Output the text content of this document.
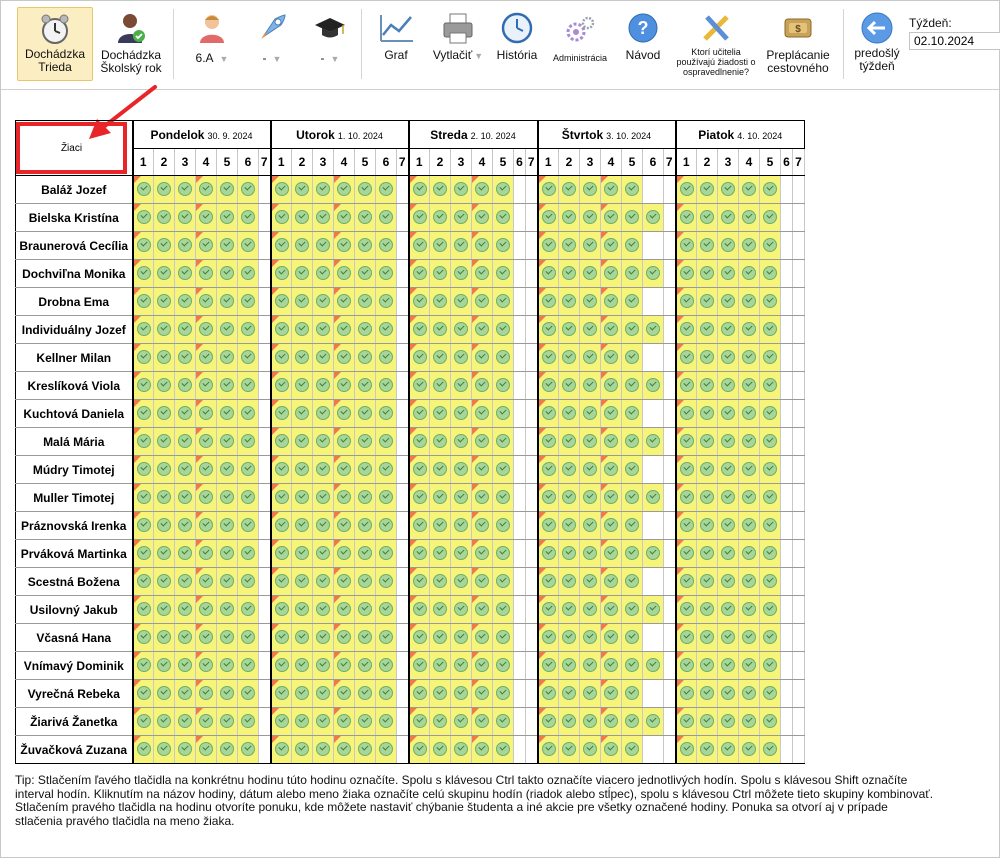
Dochádzka Trieda
Dochádzka Školský rok
6.A ▼	- ▼	- ▼	Graf	Vytlačiť ▼	História Administrácia
?
Návod	Ktorí učitelia používajú žiadosti o ospravedlnenie?
$
Preplácanie cestovného
predošlý týždeň
Týždeň:
02.10.2024
Žiaci	Pondelok 30. 9. 2024							Utorok 1. 10. 2024							Streda 2. 10. 2024							Štvrtok 3. 10. 2024							Piatok 4. 10. 2024						
	1	2	3	4	5	6	7	1	2	3	4	5	6	7	1	2	3	4	5	6	7	1	2	3	4	5	6	7	1	2	3	4	5	6	7
Baláž Jozef	

Bielska Kristína	

Braunerová Cecília	

Dochviľna Monika	

Drobna Ema	

Individuálny Jozef	

Kellner Milan	

Kreslíková Viola	

Kuchtová Daniela	

Malá Mária	

Múdry Timotej	

Muller Timotej	

Práznovská Irenka	

Prváková Martinka	

Scestná Božena	

Usilovný Jakub	

Včasná Hana	

Vnímavý Dominik	

Vyrečná Rebeka	

Žiarivá Žanetka	

Žuvačková Zuzana	

Tip: Stlačením ľavého tlačidla na konkrétnu hodinu túto hodinu označíte. Spolu s klávesou Ctrl takto označíte viacero jednotlivých hodín. Spolu s klávesou Shift označíte interval hodín. Kliknutím na názov hodiny, dátum alebo meno žiaka označíte celú skupinu hodín (riadok alebo stĺpec), spolu s klávesou Ctrl môžete tieto skupiny kombinovať.
Stlačením pravého tlačidla na hodinu otvoríte ponuku, kde môžete nastaviť chýbanie študenta a iné akcie pre všetky označené hodiny. Ponuka sa otvorí aj v prípade stlačenia pravého tlačidla na meno žiaka.
